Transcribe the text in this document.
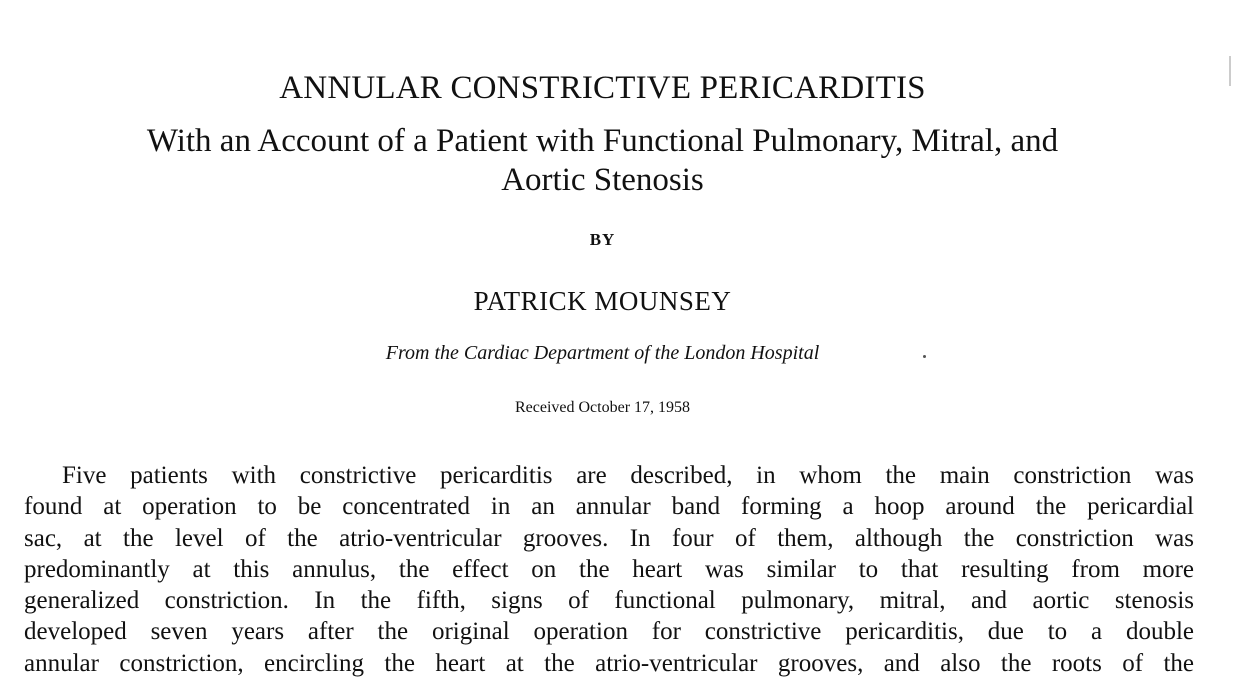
ANNULAR CONSTRICTIVE PERICARDITIS
With an Account of a Patient with Functional Pulmonary, Mitral, and
Aortic Stenosis
BY
PATRICK MOUNSEY
From the Cardiac Department of the London Hospital
Received October 17, 1958
Five patients with constrictive pericarditis are described, in whom the main constriction was
found at operation to be concentrated in an annular band forming a hoop around the pericardial
sac, at the level of the atrio-ventricular grooves. In four of them, although the constriction was
predominantly at this annulus, the effect on the heart was similar to that resulting from more
generalized constriction. In the fifth, signs of functional pulmonary, mitral, and aortic stenosis
developed seven years after the original operation for constrictive pericarditis, due to a double
annular constriction, encircling the heart at the atrio-ventricular grooves, and also the roots of the
